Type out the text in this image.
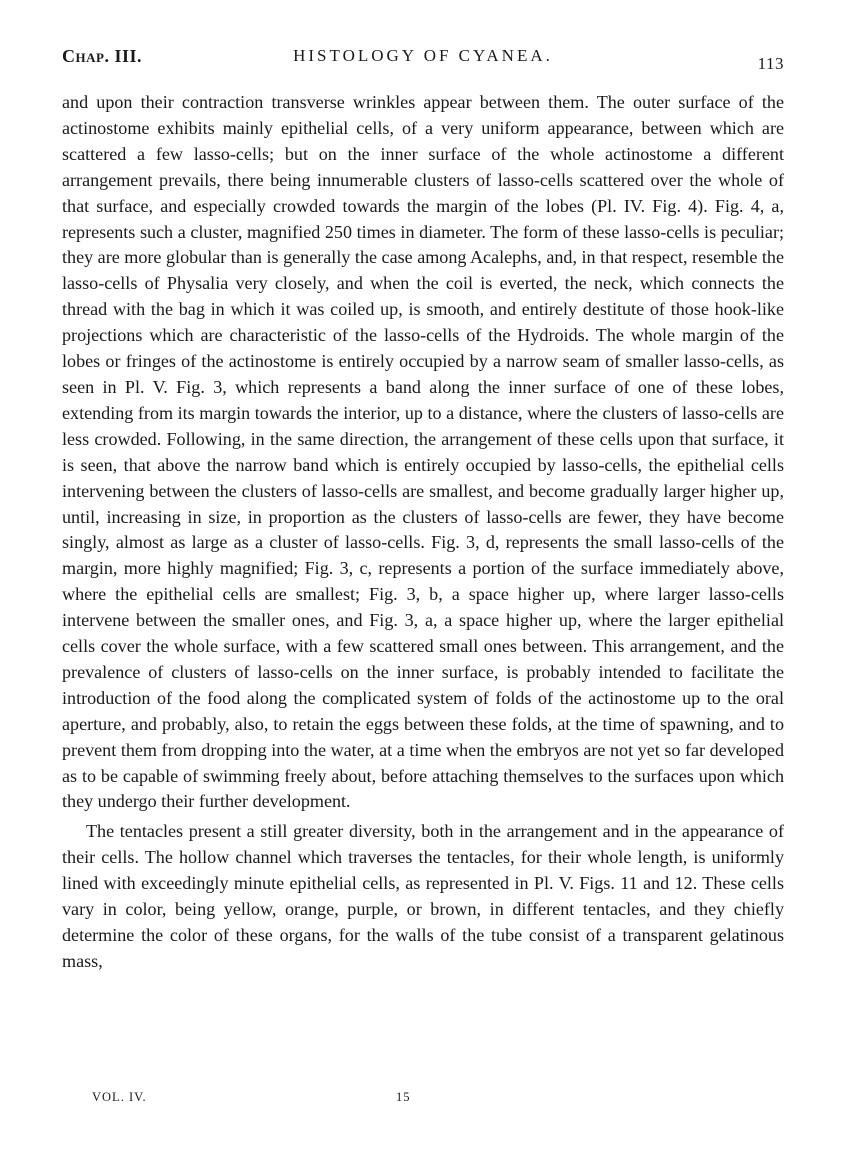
Chap. III.	HISTOLOGY OF CYANEA.	113

and upon their contraction transverse wrinkles appear between them. The outer surface of the actinostome exhibits mainly epithelial cells, of a very uniform appearance, between which are scattered a few lasso-cells; but on the inner surface of the whole actinostome a different arrangement prevails, there being innumerable clusters of lasso-cells scattered over the whole of that surface, and especially crowded towards the margin of the lobes (Pl. IV. Fig. 4). Fig. 4, a, represents such a cluster, magnified 250 times in diameter. The form of these lasso-cells is peculiar; they are more globular than is generally the case among Acalephs, and, in that respect, resemble the lasso-cells of Physalia very closely, and when the coil is everted, the neck, which connects the thread with the bag in which it was coiled up, is smooth, and entirely destitute of those hook-like projections which are characteristic of the lasso-cells of the Hydroids. The whole margin of the lobes or fringes of the actinostome is entirely occupied by a narrow seam of smaller lasso-cells, as seen in Pl. V. Fig. 3, which represents a band along the inner surface of one of these lobes, extending from its margin towards the interior, up to a distance, where the clusters of lasso-cells are less crowded. Following, in the same direction, the arrangement of these cells upon that surface, it is seen, that above the narrow band which is entirely occupied by lasso-cells, the epithelial cells intervening between the clusters of lasso-cells are smallest, and become gradually larger higher up, until, increasing in size, in proportion as the clusters of lasso-cells are fewer, they have become singly, almost as large as a cluster of lasso-cells. Fig. 3, d, represents the small lasso-cells of the margin, more highly magnified; Fig. 3, c, represents a portion of the surface immediately above, where the epithelial cells are smallest; Fig. 3, b, a space higher up, where larger lasso-cells intervene between the smaller ones, and Fig. 3, a, a space higher up, where the larger epithelial cells cover the whole surface, with a few scattered small ones between. This arrangement, and the prevalence of clusters of lasso-cells on the inner surface, is probably intended to facilitate the introduction of the food along the complicated system of folds of the actinostome up to the oral aperture, and probably, also, to retain the eggs between these folds, at the time of spawning, and to prevent them from dropping into the water, at a time when the embryos are not yet so far developed as to be capable of swimming freely about, before attaching themselves to the surfaces upon which they undergo their further development.

The tentacles present a still greater diversity, both in the arrangement and in the appearance of their cells. The hollow channel which traverses the tentacles, for their whole length, is uniformly lined with exceedingly minute epithelial cells, as represented in Pl. V. Figs. 11 and 12. These cells vary in color, being yellow, orange, purple, or brown, in different tentacles, and they chiefly determine the color of these organs, for the walls of the tube consist of a transparent gelatinous mass,

VOL. IV.	15
